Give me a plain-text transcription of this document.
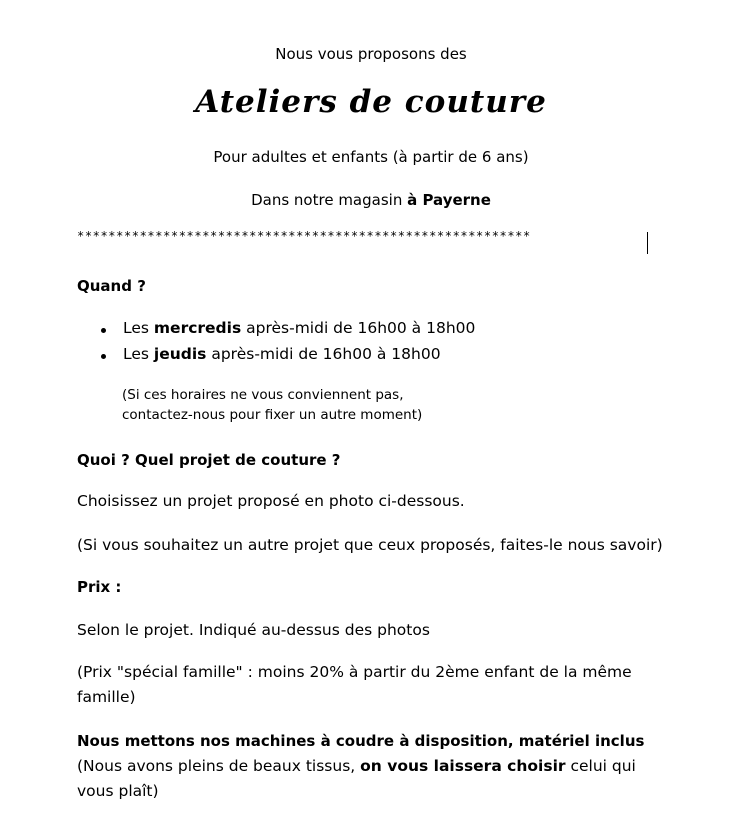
Nous vous proposons des
Ateliers de couture
Pour adultes et enfants (à partir de 6 ans)
Dans notre magasin à Payerne
**********************************************************
Quand ?
Les mercredis après-midi de 16h00 à 18h00
Les jeudis après-midi de 16h00 à 18h00
(Si ces horaires ne vous conviennent pas,
contactez-nous pour fixer un autre moment)
Quoi ? Quel projet de couture ?
Choisissez un projet proposé en photo ci-dessous.
(Si vous souhaitez un autre projet que ceux proposés, faites-le nous savoir)
Prix :
Selon le projet. Indiqué au-dessus des photos
(Prix "spécial famille" : moins 20% à partir du 2ème enfant de la même
famille)
Nous mettons nos machines à coudre à disposition, matériel inclus
(Nous avons pleins de beaux tissus, on vous laissera choisir celui qui
vous plaît)
